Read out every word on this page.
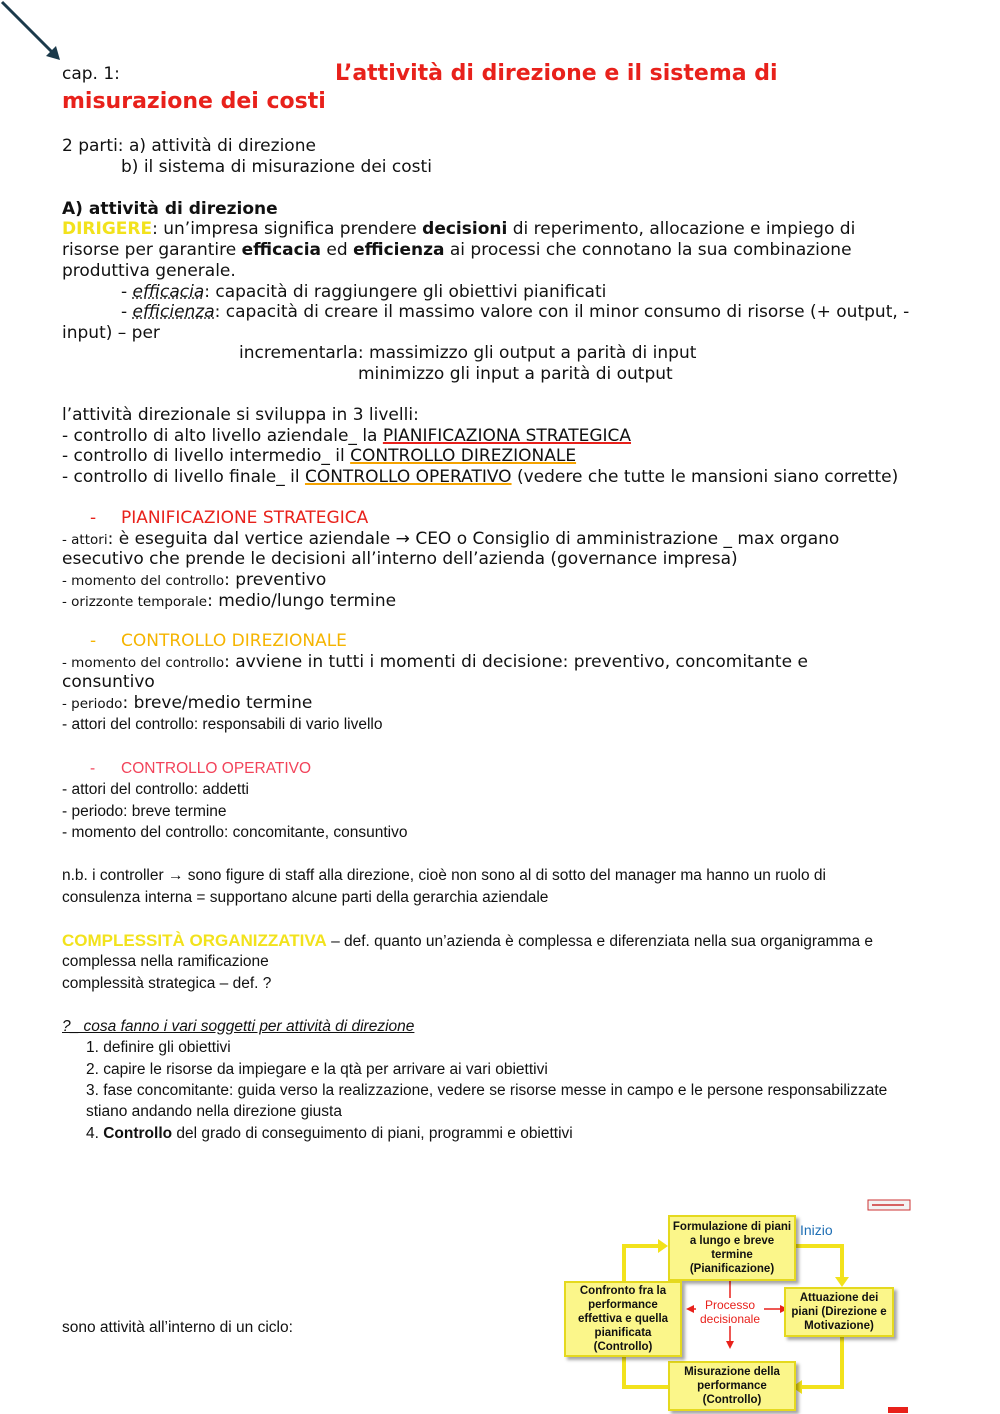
cap. 1:	L’attività di direzione e il sistema di
misurazione dei costi
2 parti: a) attività di direzione
b) il sistema di misurazione dei costi
A) attività di direzione
DIRIGERE: un’impresa significa prendere decisioni di reperimento, allocazione e impiego di
risorse per garantire efficacia ed efficienza ai processi che connotano la sua combinazione
produttiva generale.
- efficacia: capacità di raggiungere gli obiettivi pianificati
- efficienza: capacità di creare il massimo valore con il minor consumo di risorse (+ output, -
input) – per
incrementarla: massimizzo gli output a parità di input
minimizzo gli input a parità di output
l’attività direzionale si sviluppa in 3 livelli:
- controllo di alto livello aziendale_ la PIANIFICAZIONA STRATEGICA
- controllo di livello intermedio_ il CONTROLLO DIREZIONALE
- controllo di livello finale_ il CONTROLLO OPERATIVO (vedere che tutte le mansioni siano corrette)
- PIANIFICAZIONE STRATEGICA
- attori: è eseguita dal vertice aziendale → CEO o Consiglio di amministrazione _ max organo
esecutivo che prende le decisioni all’interno dell’azienda (governance impresa)
- momento del controllo: preventivo
- orizzonte temporale: medio/lungo termine
- CONTROLLO DIREZIONALE
- momento del controllo: avviene in tutti i momenti di decisione: preventivo, concomitante e
consuntivo
- periodo: breve/medio termine
- attori del controllo: responsabili di vario livello
- CONTROLLO OPERATIVO
- attori del controllo: addetti
- periodo: breve termine
- momento del controllo: concomitante, consuntivo
n.b. i controller → sono figure di staff alla direzione, cioè non sono al di sotto del manager ma hanno un ruolo di
consulenza interna = supportano alcune parti della gerarchia aziendale
COMPLESSITÀ ORGANIZZATIVA – def. quanto un’azienda è complessa e diferenziata nella sua organigramma e
complessa nella ramificazione
complessità strategica – def. ?
?_ cosa fanno i vari soggetti per attività di direzione
1. definire gli obiettivi
2. capire le risorse da impiegare e la qtà per arrivare ai vari obiettivi
3. fase concomitante: guida verso la realizzazione, vedere se risorse messe in campo e le persone responsabilizzate
stiano andando nella direzione giusta
4. Controllo del grado di conseguimento di piani, programmi e obiettivi
sono attività all’interno di un ciclo:
Formulazione di piani a lungo e breve termine (Pianificazione)
Attuazione dei piani (Direzione e Motivazione)
Misurazione della performance (Controllo)
Confronto fra la performance effettiva e quella pianificata (Controllo)
Processo decisionale
Inizio
